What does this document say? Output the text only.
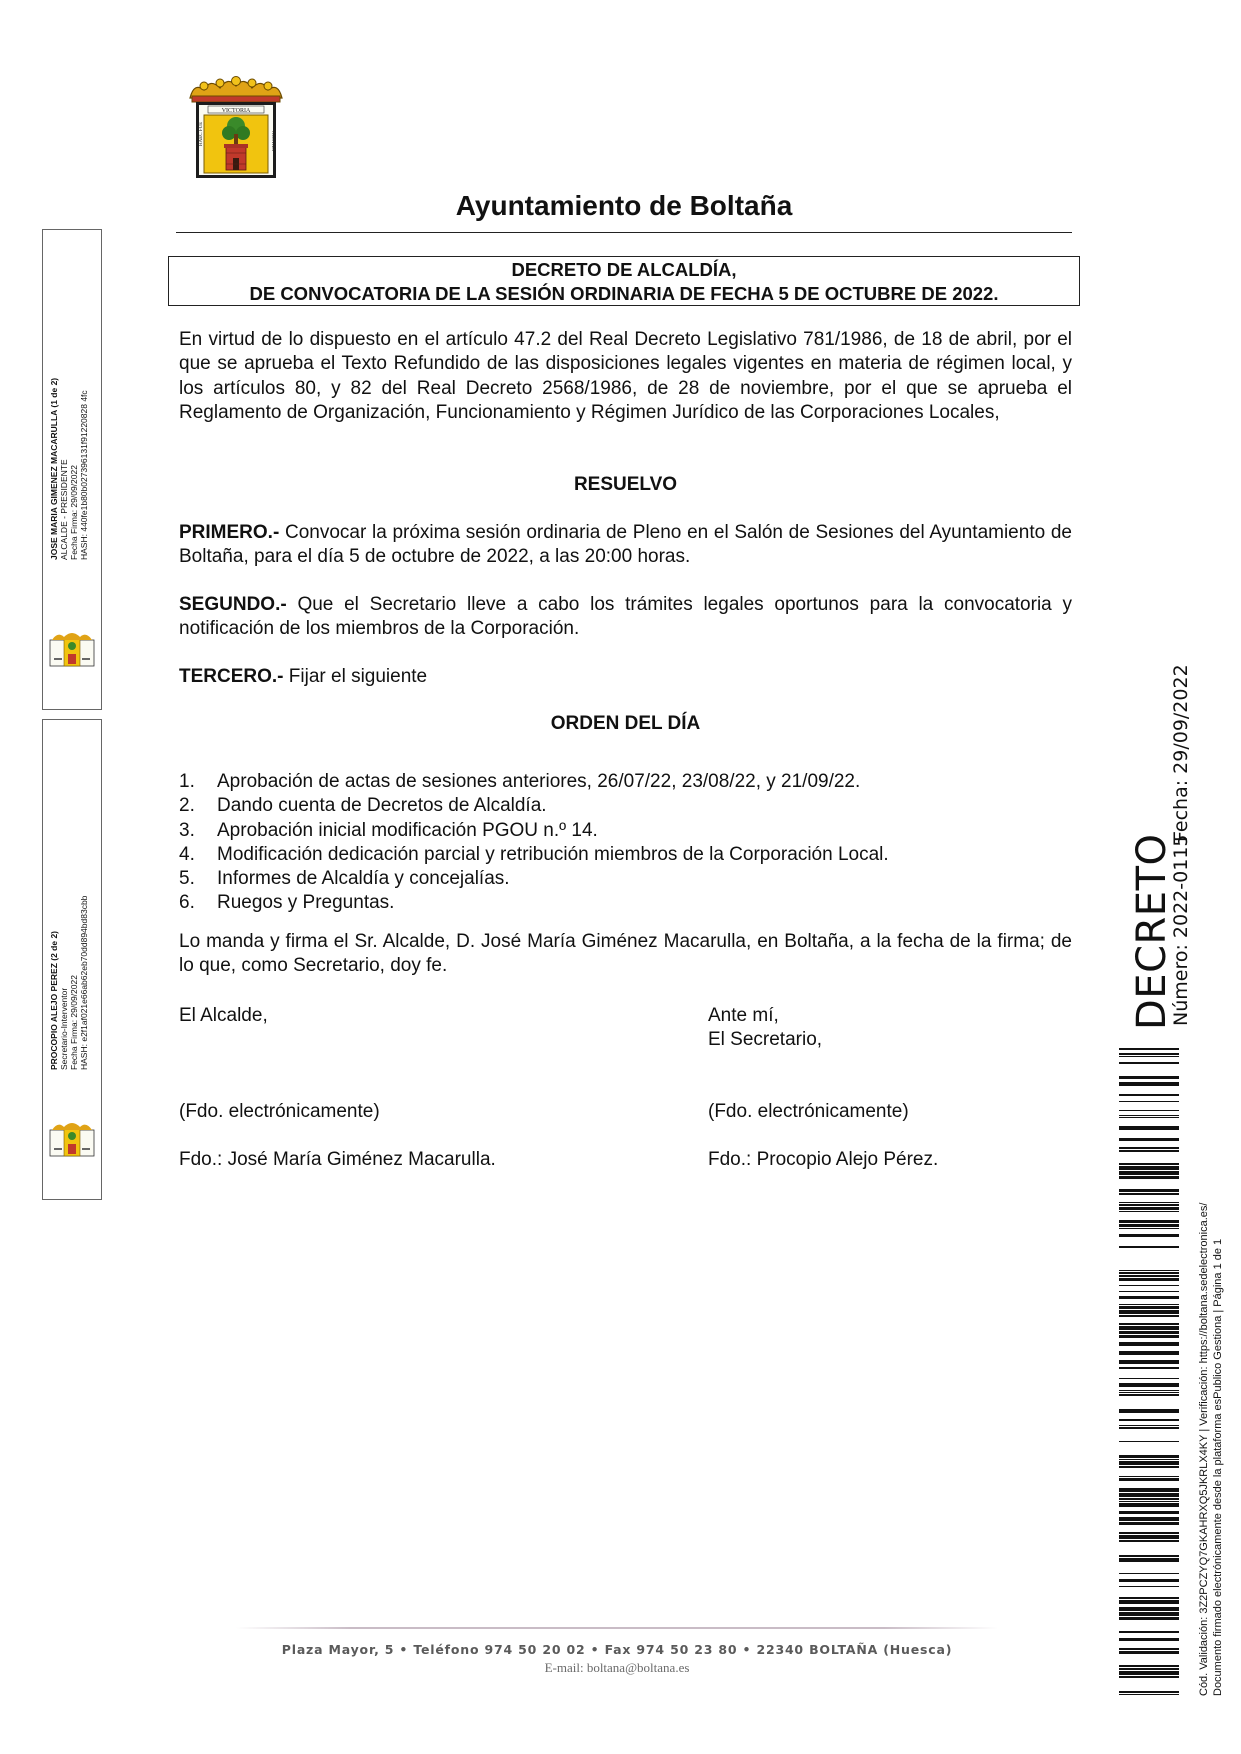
VICTORIA
HAEC FUE	NOSTRA
Ayuntamiento de Boltaña
DECRETO DE ALCALDÍA,
DE CONVOCATORIA DE LA SESIÓN ORDINARIA DE FECHA 5 DE OCTUBRE DE 2022.
En virtud de lo dispuesto en el artículo 47.2 del Real Decreto Legislativo 781/1986, de 18 de abril, por el que se aprueba el Texto Refundido de las disposiciones legales vigentes en materia de régimen local, y los artículos 80, y 82 del Real Decreto 2568/1986, de 28 de noviembre, por el que se aprueba el Reglamento de Organización, Funcionamiento y Régimen Jurídico de las Corporaciones Locales,
RESUELVO
PRIMERO.- Convocar la próxima sesión ordinaria de Pleno en el Salón de Sesiones del Ayuntamiento de Boltaña, para el día 5 de octubre de 2022, a las 20:00 horas.
SEGUNDO.- Que el Secretario lleve a cabo los trámites legales oportunos para la convocatoria y notificación de los miembros de la Corporación.
TERCERO.- Fijar el siguiente
ORDEN DEL DÍA
1.	Aprobación de actas de sesiones anteriores, 26/07/22, 23/08/22, y 21/09/22.
2.	Dando cuenta de Decretos de Alcaldía.
3.	Aprobación inicial modificación PGOU n.º 14.
4.	Modificación dedicación parcial y retribución miembros de la Corporación Local.
5.	Informes de Alcaldía y concejalías.
6.	Ruegos y Preguntas.
Lo manda y firma el Sr. Alcalde, D. José María Giménez Macarulla, en Boltaña, a la fecha de la firma; de lo que, como Secretario, doy fe.
El Alcalde,	Ante mí,
El Secretario,
(Fdo. electrónicamente)	(Fdo. electrónicamente)
Fdo.: José María Giménez Macarulla.	Fdo.: Procopio Alejo Pérez.
JOSE MARIA GIMENEZ MACARULLA (1 de 2) ALCALDE - PRESIDENTE Fecha Firma: 29/09/2022 HASH: 440fe1b80b027396131f91220828 4fc
PROCOPIO ALEJO PEREZ (2 de 2) Secretario-Interventor Fecha Firma: 29/09/2022 HASH: e2f1af021e66ab62eb70dd894bd83cbb	DECRETO
Número: 2022-0115
Fecha: 29/09/2022
Cód. Validación: 3Z2PCZYQ7GKAHRXQ5JKRLX4KY | Verificación: https://boltana.sedelectronica.es/ Documento firmado electrónicamente desde la plataforma esPublico Gestiona | Página 1 de 1
Plaza Mayor, 5 • Teléfono 974 50 20 02 • Fax 974 50 23 80 • 22340 BOLTAÑA (Huesca)
E-mail: boltana@boltana.es
